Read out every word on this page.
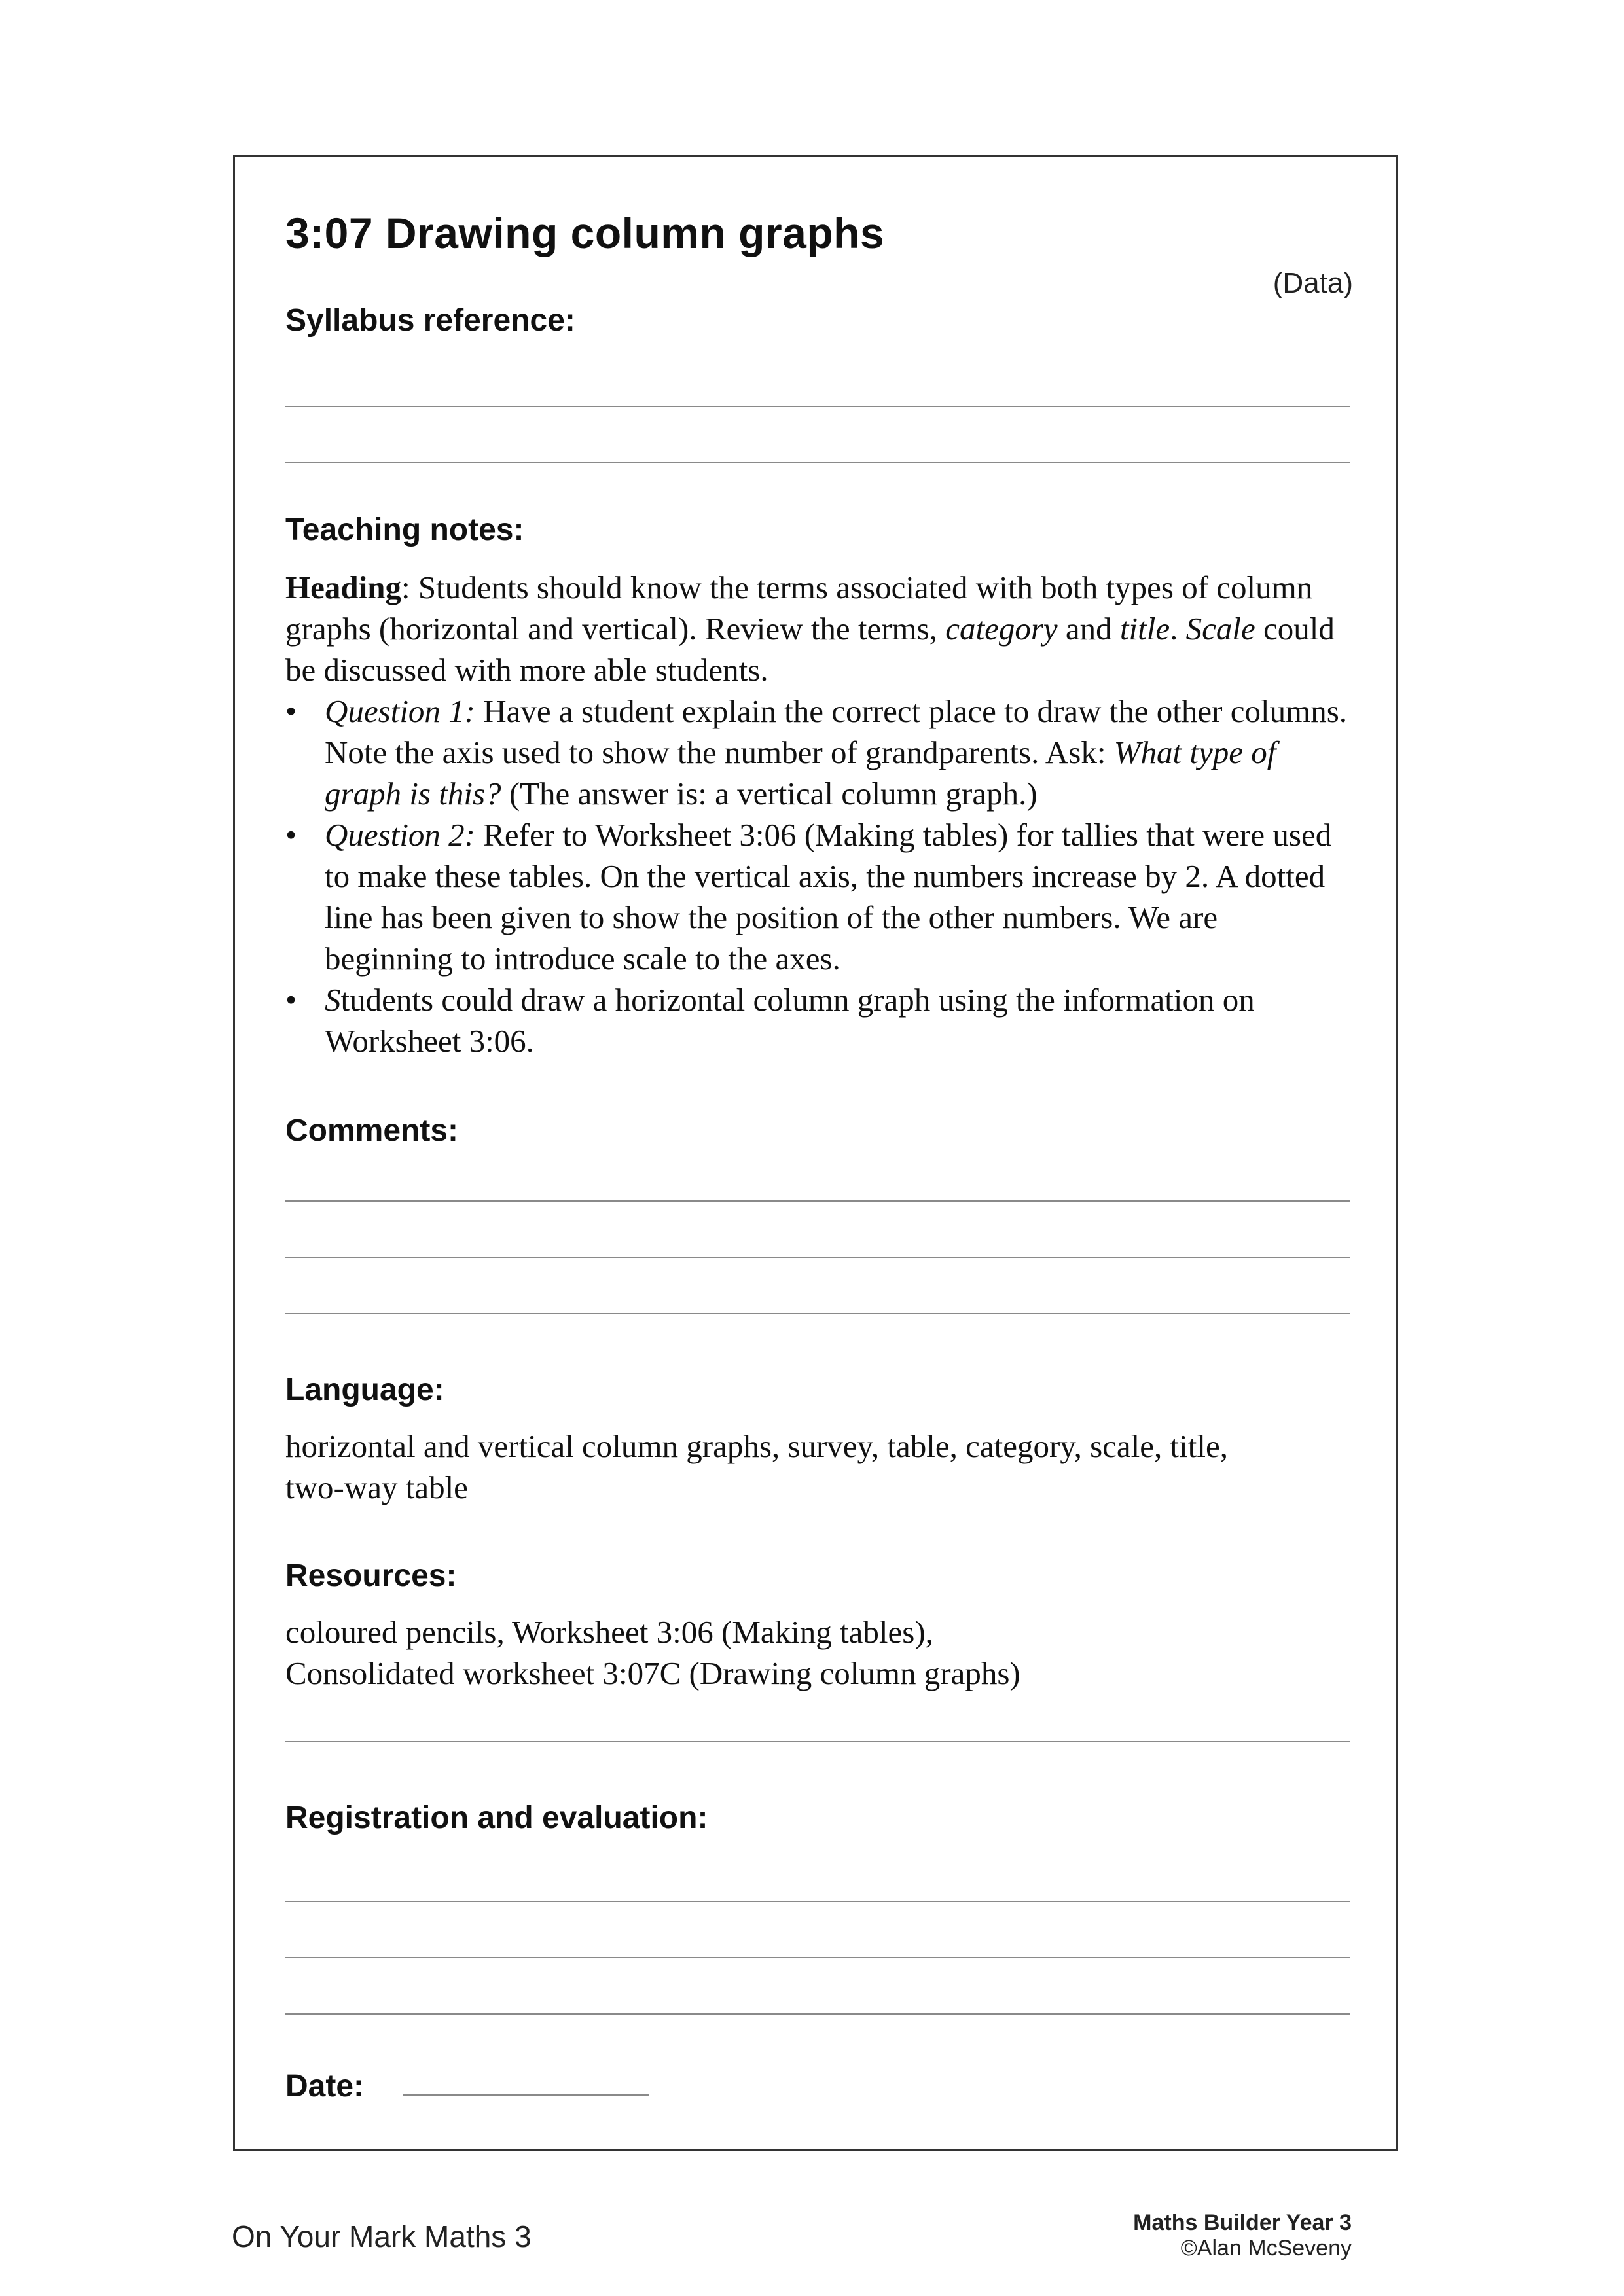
3:07 Drawing column graphs
(Data)
Syllabus reference:
Teaching notes:

Heading: Students should know the terms associated with both types of column graphs (horizontal and vertical). Review the terms, category and title. Scale could be discussed with more able students.

• Question 1: Have a student explain the correct place to draw the other columns. Note the axis used to show the number of grandparents. Ask: What type of graph is this? (The answer is: a vertical column graph.)
• Question 2: Refer to Worksheet 3:06 (Making tables) for tallies that were used to make these tables. On the vertical axis, the numbers increase by 2. A dotted line has been given to show the position of the other numbers. We are beginning to introduce scale to the axes.
• Students could draw a horizontal column graph using the information on Worksheet 3:06.
Comments:
Language:

horizontal and vertical column graphs, survey, table, category, scale, title,

two-way table

Resources:

coloured pencils, Worksheet 3:06 (Making tables),

Consolidated worksheet 3:07C (Drawing column graphs)

Registration and evaluation:
Date:
On Your Mark Maths 3	Maths Builder Year 3
©Alan McSeveny
